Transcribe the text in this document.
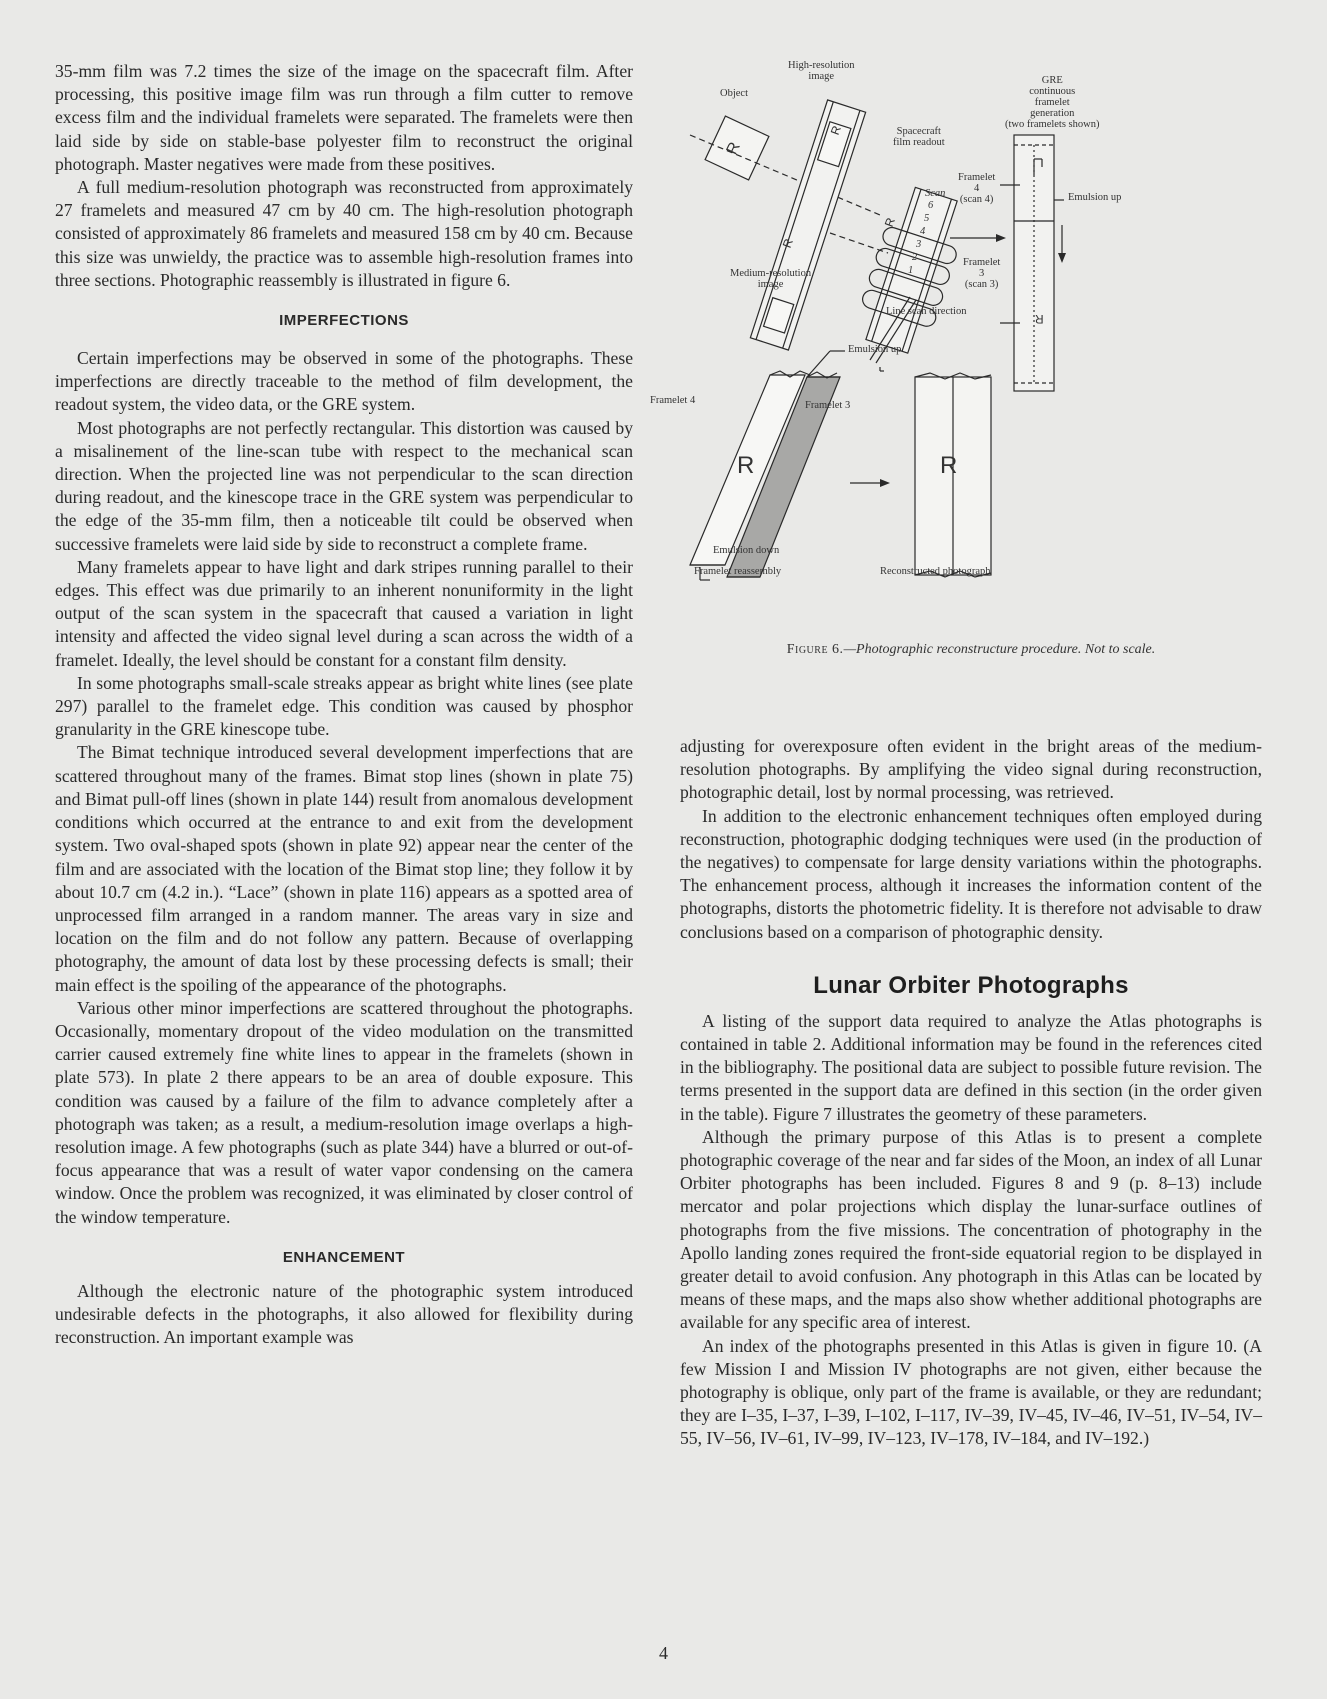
35-mm film was 7.2 times the size of the image on the spacecraft film. After processing, this positive image film was run through a film cutter to remove excess film and the individual framelets were separated. The framelets were then laid side by side on stable-base polyester film to reconstruct the original photograph. Master negatives were made from these positives.

A full medium-resolution photograph was reconstructed from approximately 27 framelets and measured 47 cm by 40 cm. The high-resolution photograph consisted of approximately 86 framelets and measured 158 cm by 40 cm. Because this size was unwieldy, the practice was to assemble high-resolution frames into three sections. Photographic reassembly is illustrated in figure 6.

IMPERFECTIONS

Certain imperfections may be observed in some of the photographs. These imperfections are directly traceable to the method of film development, the readout system, the video data, or the GRE system.

Most photographs are not perfectly rectangular. This distortion was caused by a misalinement of the line-scan tube with respect to the mechanical scan direction. When the projected line was not perpendicular to the scan direction during readout, and the kinescope trace in the GRE system was perpendicular to the edge of the 35-mm film, then a noticeable tilt could be observed when successive framelets were laid side by side to reconstruct a complete frame.

Many framelets appear to have light and dark stripes running parallel to their edges. This effect was due primarily to an inherent nonuniformity in the light output of the scan system in the spacecraft that caused a variation in light intensity and affected the video signal level during a scan across the width of a framelet. Ideally, the level should be constant for a constant film density.

In some photographs small-scale streaks appear as bright white lines (see plate 297) parallel to the framelet edge. This condition was caused by phosphor granularity in the GRE kinescope tube.

The Bimat technique introduced several development imperfections that are scattered throughout many of the frames. Bimat stop lines (shown in plate 75) and Bimat pull-off lines (shown in plate 144) result from anomalous development conditions which occurred at the entrance to and exit from the development system. Two oval-shaped spots (shown in plate 92) appear near the center of the film and are associated with the location of the Bimat stop line; they follow it by about 10.7 cm (4.2 in.). “Lace” (shown in plate 116) appears as a spotted area of unprocessed film arranged in a random manner. The areas vary in size and location on the film and do not follow any pattern. Because of overlapping photography, the amount of data lost by these processing defects is small; their main effect is the spoiling of the appearance of the photographs.

Various other minor imperfections are scattered throughout the photographs. Occasionally, momentary dropout of the video modulation on the transmitted carrier caused extremely fine white lines to appear in the framelets (shown in plate 573). In plate 2 there appears to be an area of double exposure. This condition was caused by a failure of the film to advance completely after a photograph was taken; as a result, a medium-resolution image overlaps a high-resolution image. A few photographs (such as plate 344) have a blurred or out-of-focus appearance that was a result of water vapor condensing on the camera window. Once the problem was recognized, it was eliminated by closer control of the window temperature.

ENHANCEMENT

Although the electronic nature of the photographic system introduced undesirable defects in the photographs, it also allowed for flexibility during reconstruction. An important example was

High-resolution
image
Object
GRE
continuous
framelet
generation
(two framelets shown)
Spacecraft
film readout
Framelet
4
(scan 4)	Emulsion up
Scan
6
5
4
3
2
1
Framelet
3
(scan 3)
Medium-resolution
image
Line scan direction
Emulsion up
Framelet 4	Framelet 3
Emulsion down
Framelet reassembly	Reconstructed photograph
R
R
R
R
R
R	R
Figure 6.—Photographic reconstructure procedure. Not to scale.

adjusting for overexposure often evident in the bright areas of the medium-resolution photographs. By amplifying the video signal during reconstruction, photographic detail, lost by normal processing, was retrieved.

In addition to the electronic enhancement techniques often employed during reconstruction, photographic dodging techniques were used (in the production of the negatives) to compensate for large density variations within the photographs. The enhancement process, although it increases the information content of the photographs, distorts the photometric fidelity. It is therefore not advisable to draw conclusions based on a comparison of photographic density.

Lunar Orbiter Photographs

A listing of the support data required to analyze the Atlas photographs is contained in table 2. Additional information may be found in the references cited in the bibliography. The positional data are subject to possible future revision. The terms presented in the support data are defined in this section (in the order given in the table). Figure 7 illustrates the geometry of these parameters.

Although the primary purpose of this Atlas is to present a complete photographic coverage of the near and far sides of the Moon, an index of all Lunar Orbiter photographs has been included. Figures 8 and 9 (p. 8–13) include mercator and polar projections which display the lunar-surface outlines of photographs from the five missions. The concentration of photography in the Apollo landing zones required the front-side equatorial region to be displayed in greater detail to avoid confusion. Any photograph in this Atlas can be located by means of these maps, and the maps also show whether additional photographs are available for any specific area of interest.

An index of the photographs presented in this Atlas is given in figure 10. (A few Mission I and Mission IV photographs are not given, either because the photography is oblique, only part of the frame is available, or they are redundant; they are I–35, I–37, I–39, I–102, I–117, IV–39, IV–45, IV–46, IV–51, IV–54, IV–55, IV–56, IV–61, IV–99, IV–123, IV–178, IV–184, and IV–192.)

4
